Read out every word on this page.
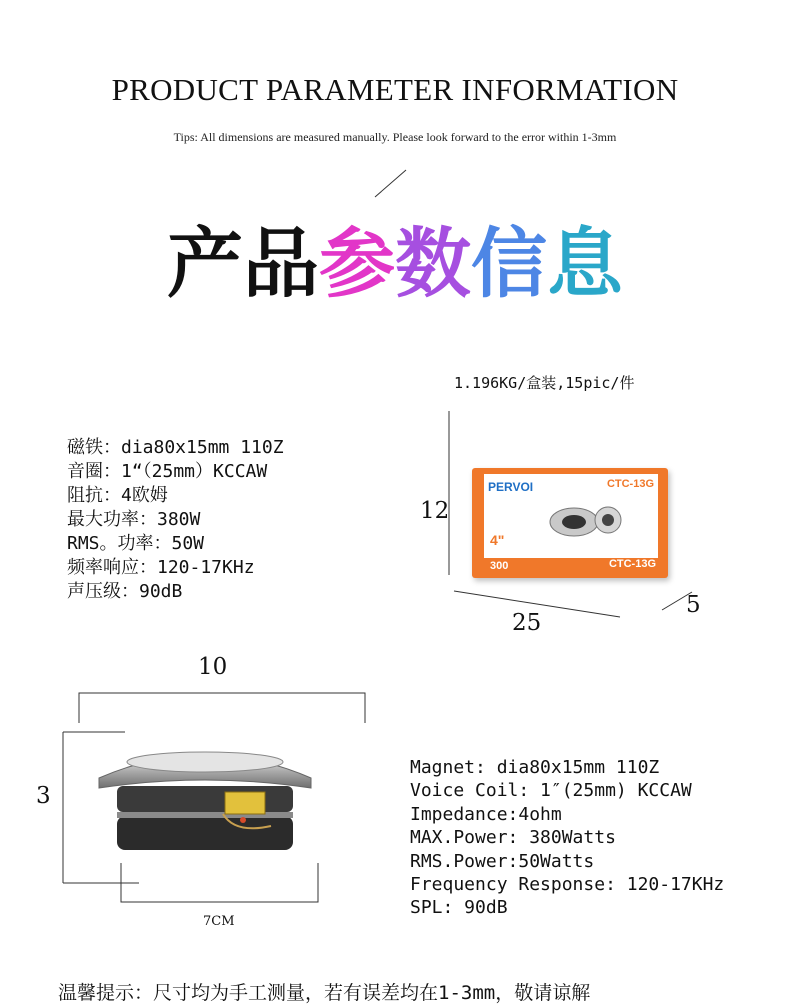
PRODUCT PARAMETER INFORMATION
Tips: All dimensions are measured manually. Please look forward to the error within 1-3mm
产品参数信息
1.196KG/盒装,15pic/件
磁铁：dia80x15mm 110Z
音圈：1“（25mm）KCCAW
阻抗：4欧姆
最大功率：380W
RMS。功率：50W
频率响应：120-17KHz
声压级：90dB
12
25
5
PERVOI	CTC-13G
4"
300	CTC-13G
10
3
7CM
Magnet: dia80x15mm 110Z
Voice Coil: 1″(25mm) KCCAW
Impedance:4ohm
MAX.Power: 380Watts
RMS.Power:50Watts
Frequency Response: 120-17KHz
SPL: 90dB
温馨提示：尺寸均为手工测量，若有误差均在1-3mm，敬请谅解
